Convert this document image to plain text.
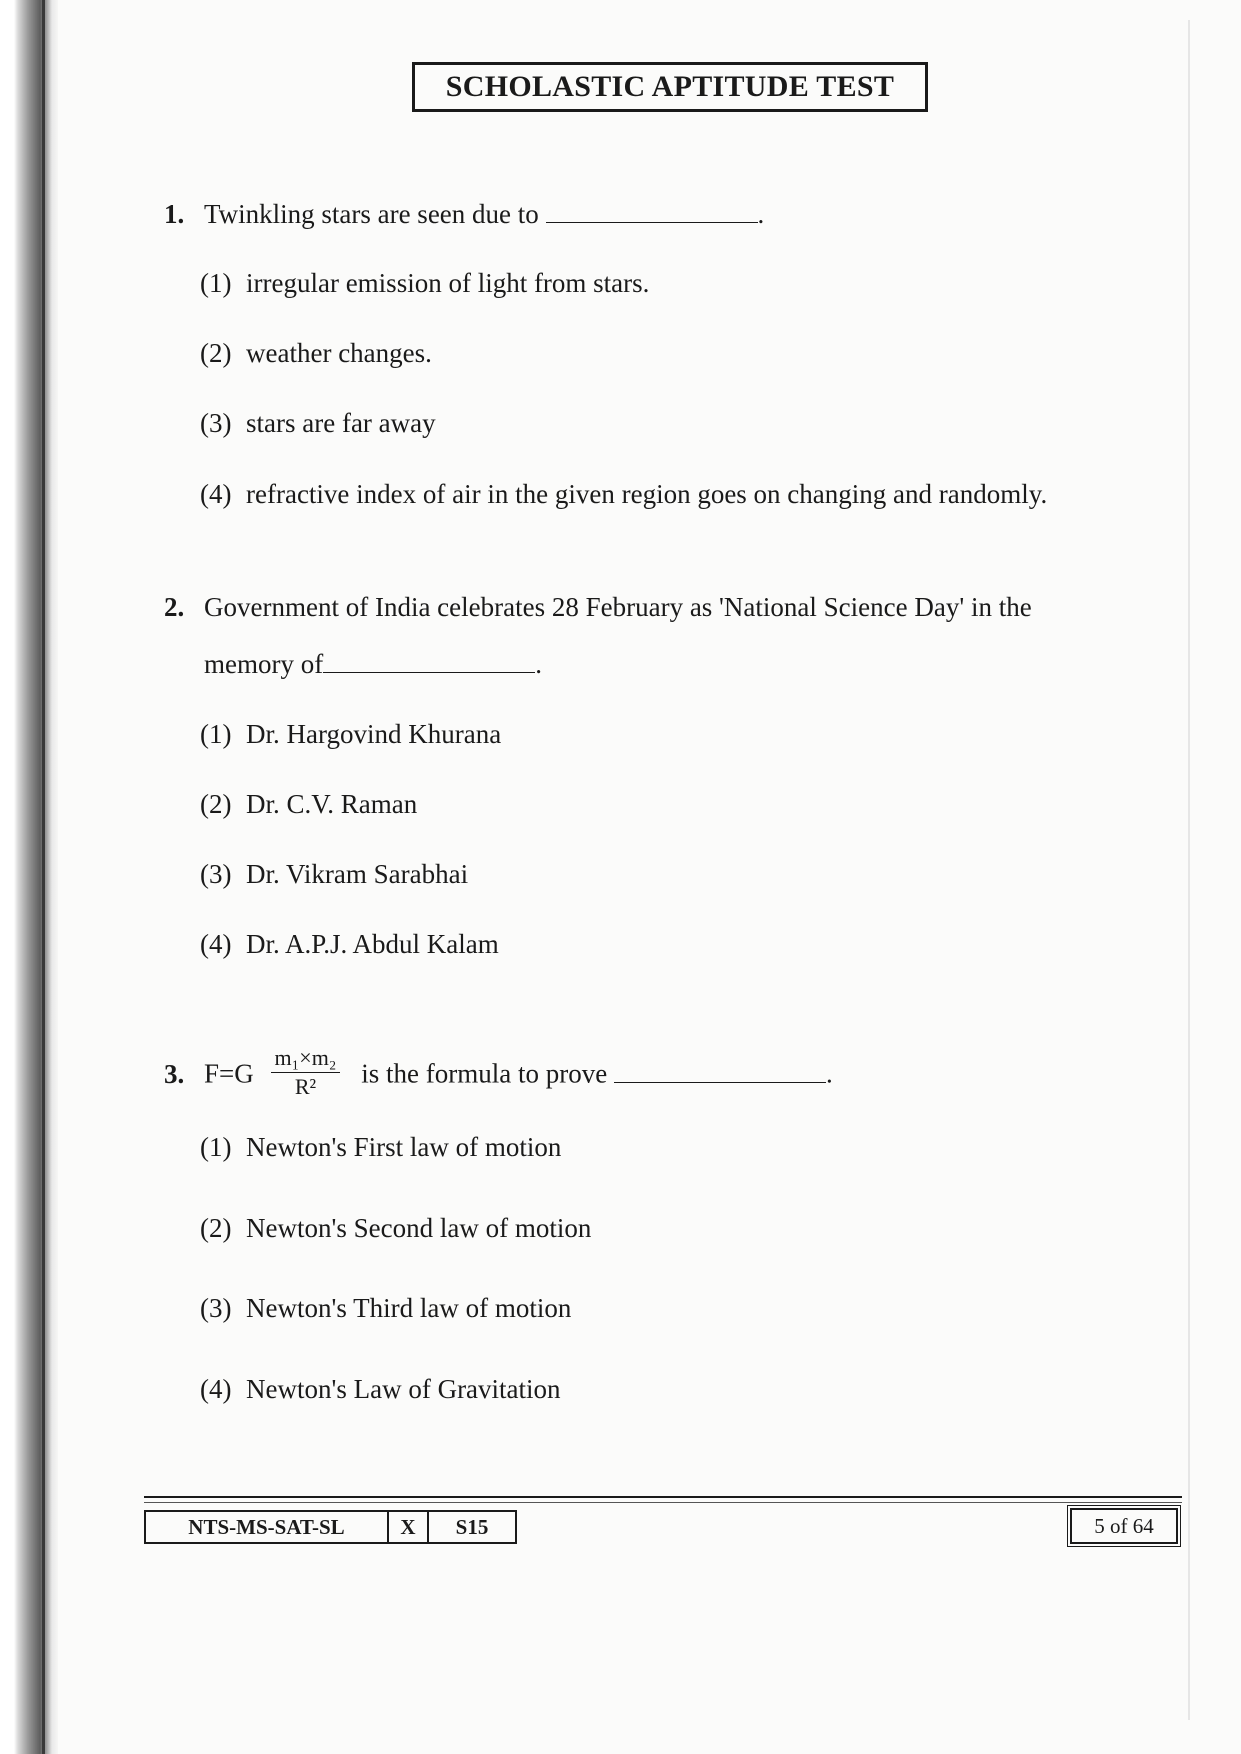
SCHOLASTIC APTITUDE TEST
1. Twinkling stars are seen due to	.
(1) irregular emission of light from stars.
(2) weather changes.
(3) stars are far away
(4) refractive index of air in the given region goes on changing and randomly.
2. Government of India celebrates 28 February as 'National Science Day' in the
memory of	.
(1) Dr. Hargovind Khurana
(2) Dr. C.V. Raman
(3) Dr. Vikram Sarabhai
(4) Dr. A.P.J. Abdul Kalam
3. $F=G \frac{\text{m₁×m₂}}{\text{R²}}$ is the formula to prove	.
(1) Newton's First law of motion
(2) Newton's Second law of motion
(3) Newton's Third law of motion
(4) Newton's Law of Gravitation
NTS-MS-SAT-SL	X	S15	5 of 64
